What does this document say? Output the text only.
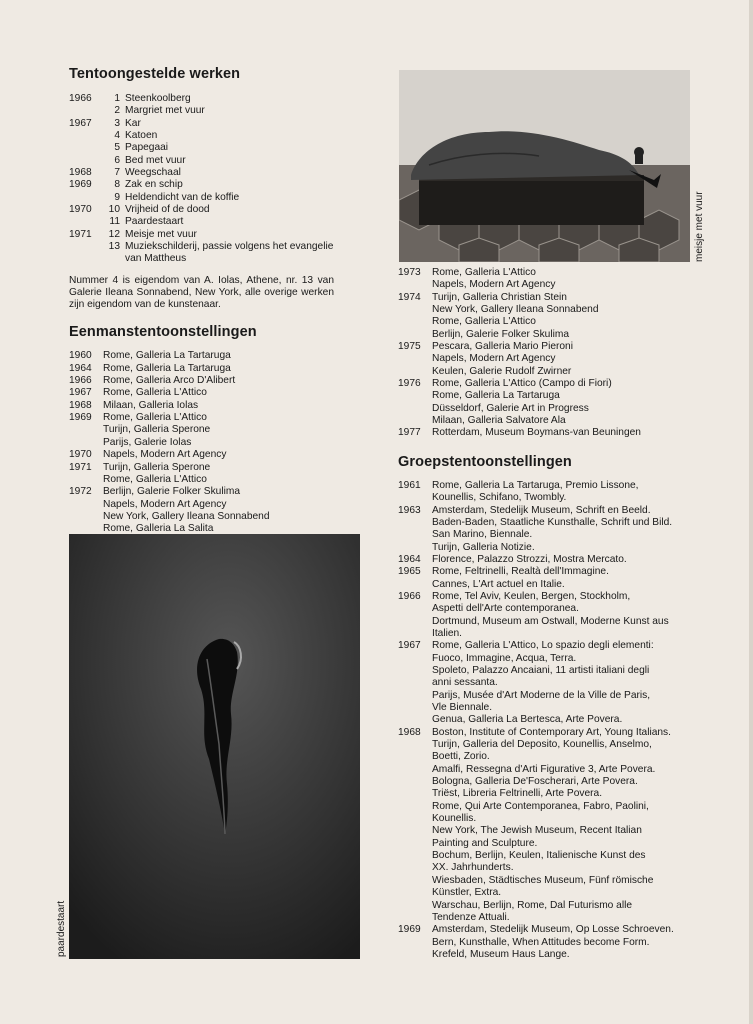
Tentoongestelde werken
1966	1 Steenkoolberg
2 Margriet met vuur
1967	3 Kar
4 Katoen
5 Papegaai
6 Bed met vuur
1968	7 Weegschaal
1969	8 Zak en schip
9 Heldendicht van de koffie
1970	10 Vrijheid of de dood
11 Paardestaart
1971	12 Meisje met vuur
13 Muziekschilderij, passie volgens het evangelie van Mattheus

Nummer 4 is eigendom van A. Iolas, Athene, nr. 13 van Galerie Ileana Sonnabend, New York, alle overige werken zijn eigendom van de kunstenaar.

Eenmanstentoonstellingen
1960	Rome, Galleria La Tartaruga
1964	Rome, Galleria La Tartaruga
1966	Rome, Galleria Arco D'Alibert
1967	Rome, Galleria L'Attico
1968	Milaan, Galleria Iolas
1969	Rome, Galleria L'Attico
Turijn, Galleria Sperone
Parijs, Galerie Iolas
1970	Napels, Modern Art Agency
1971	Turijn, Galleria Sperone
Rome, Galleria L'Attico
1972	Berlijn, Galerie Folker Skulima
Napels, Modern Art Agency
New York, Gallery Ileana Sonnabend
Rome, Galleria La Salita
paardestaart
meisje met vuur
1973	Rome, Galleria L'Attico
Napels, Modern Art Agency
1974	Turijn, Galleria Christian Stein
New York, Gallery Ileana Sonnabend
Rome, Galleria L'Attico
Berlijn, Galerie Folker Skulima
1975	Pescara, Galleria Mario Pieroni
Napels, Modern Art Agency
Keulen, Galerie Rudolf Zwirner
1976	Rome, Galleria L'Attico (Campo di Fiori)
Rome, Galleria La Tartaruga
Düsseldorf, Galerie Art in Progress
Milaan, Galleria Salvatore Ala
1977	Rotterdam, Museum Boymans-van Beuningen
Groepstentoonstellingen
1961	Rome, Galleria La Tartaruga, Premio Lissone,
Kounellis, Schifano, Twombly.
1963	Amsterdam, Stedelijk Museum, Schrift en Beeld.
Baden-Baden, Staatliche Kunsthalle, Schrift und Bild.
San Marino, Biennale.
Turijn, Galleria Notizie.
1964	Florence, Palazzo Strozzi, Mostra Mercato.
1965	Rome, Feltrinelli, Realtà dell'Immagine.
Cannes, L'Art actuel en Italie.
1966	Rome, Tel Aviv, Keulen, Bergen, Stockholm,
Aspetti dell'Arte contemporanea.
Dortmund, Museum am Ostwall, Moderne Kunst aus
Italien.
1967	Rome, Galleria L'Attico, Lo spazio degli elementi:
Fuoco, Immagine, Acqua, Terra.
Spoleto, Palazzo Ancaiani, 11 artisti italiani degli
anni sessanta.
Parijs, Musée d'Art Moderne de la Ville de Paris,
Vle Biennale.
Genua, Galleria La Bertesca, Arte Povera.
1968	Boston, Institute of Contemporary Art, Young Italians.
Turijn, Galleria del Deposito, Kounellis, Anselmo,
Boetti, Zorio.
Amalfi, Ressegna d'Arti Figurative 3, Arte Povera.
Bologna, Galleria De'Foscherari, Arte Povera.
Triëst, Libreria Feltrinelli, Arte Povera.
Rome, Qui Arte Contemporanea, Fabro, Paolini,
Kounellis.
New York, The Jewish Museum, Recent Italian
Painting and Sculpture.
Bochum, Berlijn, Keulen, Italienische Kunst des
XX. Jahrhunderts.
Wiesbaden, Städtisches Museum, Fünf römische
Künstler, Extra.
Warschau, Berlijn, Rome, Dal Futurismo alle
Tendenze Attuali.
1969	Amsterdam, Stedelijk Museum, Op Losse Schroeven.
Bern, Kunsthalle, When Attitudes become Form.
Krefeld, Museum Haus Lange.
